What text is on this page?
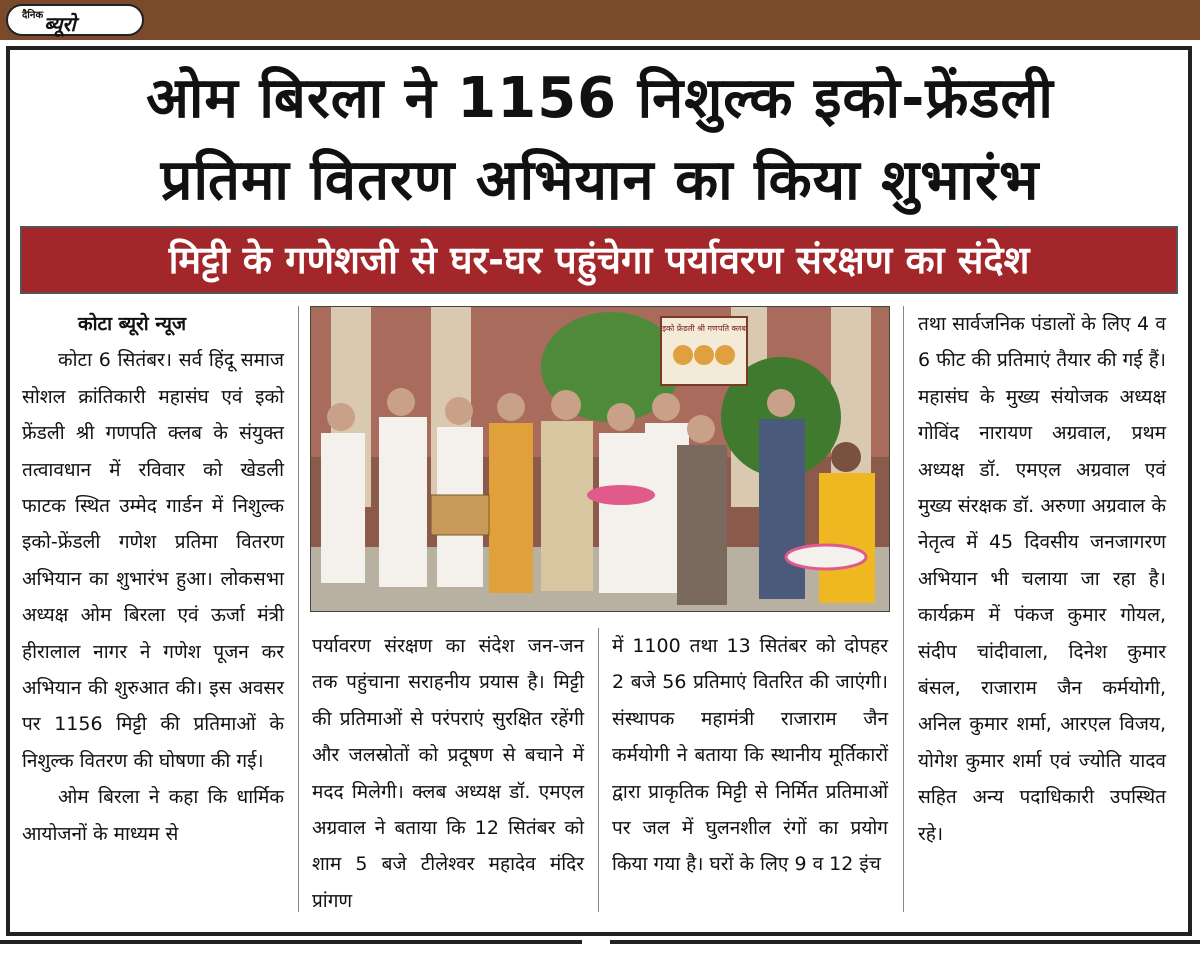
दैनिक ब्यूरो
ओम बिरला ने 1156 निशुल्क इको-फ्रेंडली
प्रतिमा वितरण अभियान का किया शुभारंभ
मिट्टी के गणेशजी से घर-घर पहुंचेगा पर्यावरण संरक्षण का संदेश

कोटा ब्यूरो न्यूज

कोटा 6 सितंबर। सर्व हिंदू समाज सोशल क्रांतिकारी महासंघ एवं इको फ्रेंडली श्री गणपति क्लब के संयुक्त तत्वावधान में रविवार को खेडली फाटक स्थित उम्मेद गार्डन में निशुल्क इको-फ्रेंडली गणेश प्रतिमा वितरण अभियान का शुभारंभ हुआ। लोकसभा अध्यक्ष ओम बिरला एवं ऊर्जा मंत्री हीरालाल नागर ने गणेश पूजन कर अभियान की शुरुआत की। इस अवसर पर 1156 मिट्टी की प्रतिमाओं के निशुल्क वितरण की घोषणा की गई।

ओम बिरला ने कहा कि धार्मिक आयोजनों के माध्यम से

इको फ्रेंडली श्री गणपति क्लब

पर्यावरण संरक्षण का संदेश जन-जन तक पहुंचाना सराहनीय प्रयास है। मिट्टी की प्रतिमाओं से परंपराएं सुरक्षित रहेंगी और जलस्रोतों को प्रदूषण से बचाने में मदद मिलेगी। क्लब अध्यक्ष डॉ. एमएल अग्रवाल ने बताया कि 12 सितंबर को शाम 5 बजे टीलेश्वर महादेव मंदिर प्रांगण

में 1100 तथा 13 सितंबर को दोपहर 2 बजे 56 प्रतिमाएं वितरित की जाएंगी। संस्थापक महामंत्री राजाराम जैन कर्मयोगी ने बताया कि स्थानीय मूर्तिकारों द्वारा प्राकृतिक मिट्टी से निर्मित प्रतिमाओं पर जल में घुलनशील रंगों का प्रयोग किया गया है। घरों के लिए 9 व 12 इंच

तथा सार्वजनिक पंडालों के लिए 4 व 6 फीट की प्रतिमाएं तैयार की गई हैं। महासंघ के मुख्य संयोजक अध्यक्ष गोविंद नारायण अग्रवाल, प्रथम अध्यक्ष डॉ. एमएल अग्रवाल एवं मुख्य संरक्षक डॉ. अरुणा अग्रवाल के नेतृत्व में 45 दिवसीय जनजागरण अभियान भी चलाया जा रहा है। कार्यक्रम में पंकज कुमार गोयल, संदीप चांदीवाला, दिनेश कुमार बंसल, राजाराम जैन कर्मयोगी, अनिल कुमार शर्मा, आरएल विजय, योगेश कुमार शर्मा एवं ज्योति यादव सहित अन्य पदाधिकारी उपस्थित रहे।
